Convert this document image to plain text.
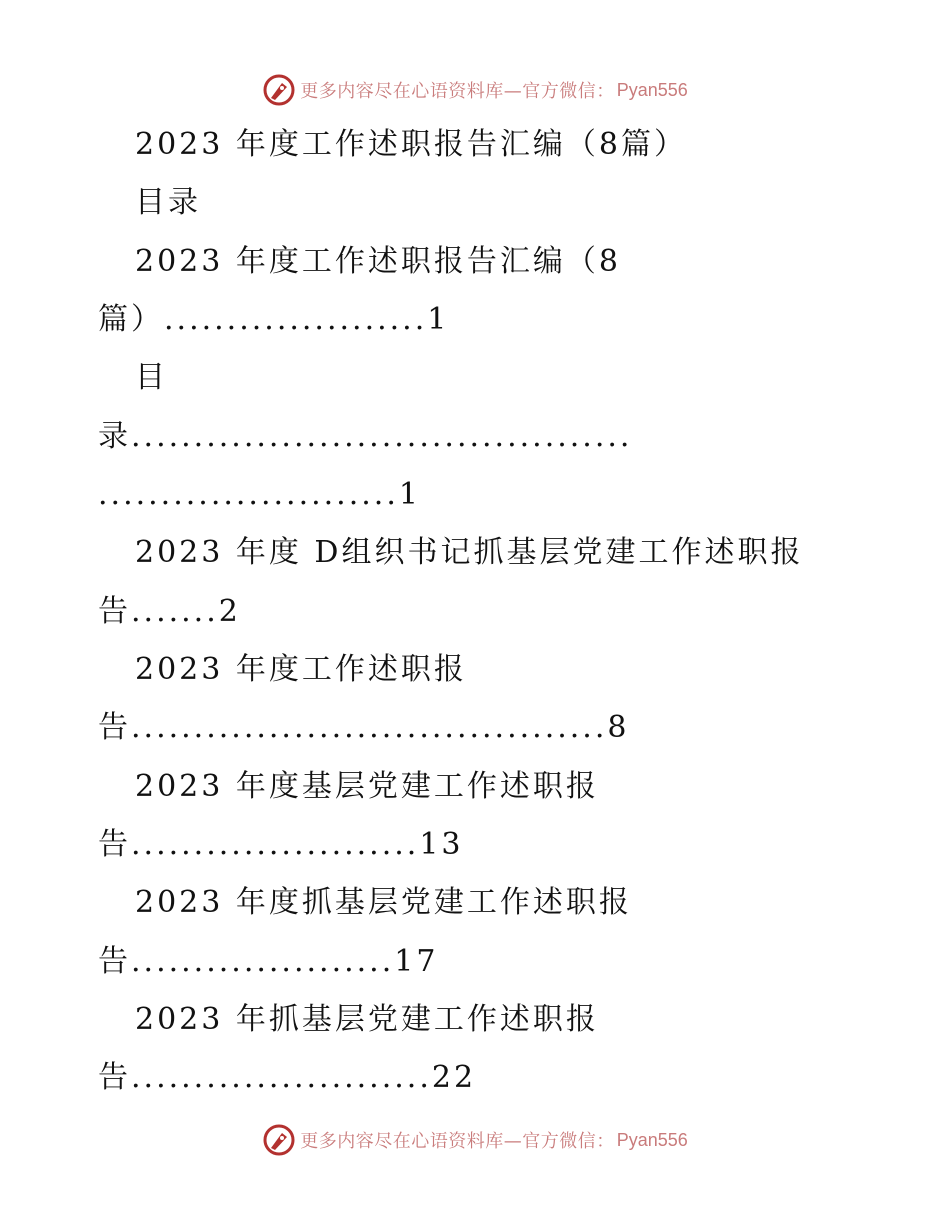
更多内容尽在心语资料库—官方微信： Pyan556
2023 年度工作述职报告汇编（8篇）
目录
2023 年度工作述职报告汇编（8
篇）.....................1
目
录........................................
........................1
2023 年度 D组织书记抓基层党建工作述职报
告.......2
2023 年度工作述职报
告......................................8
2023 年度基层党建工作述职报
告.......................13
2023 年度抓基层党建工作述职报
告.....................17
2023 年抓基层党建工作述职报
告........................22
更多内容尽在心语资料库—官方微信： Pyan556
